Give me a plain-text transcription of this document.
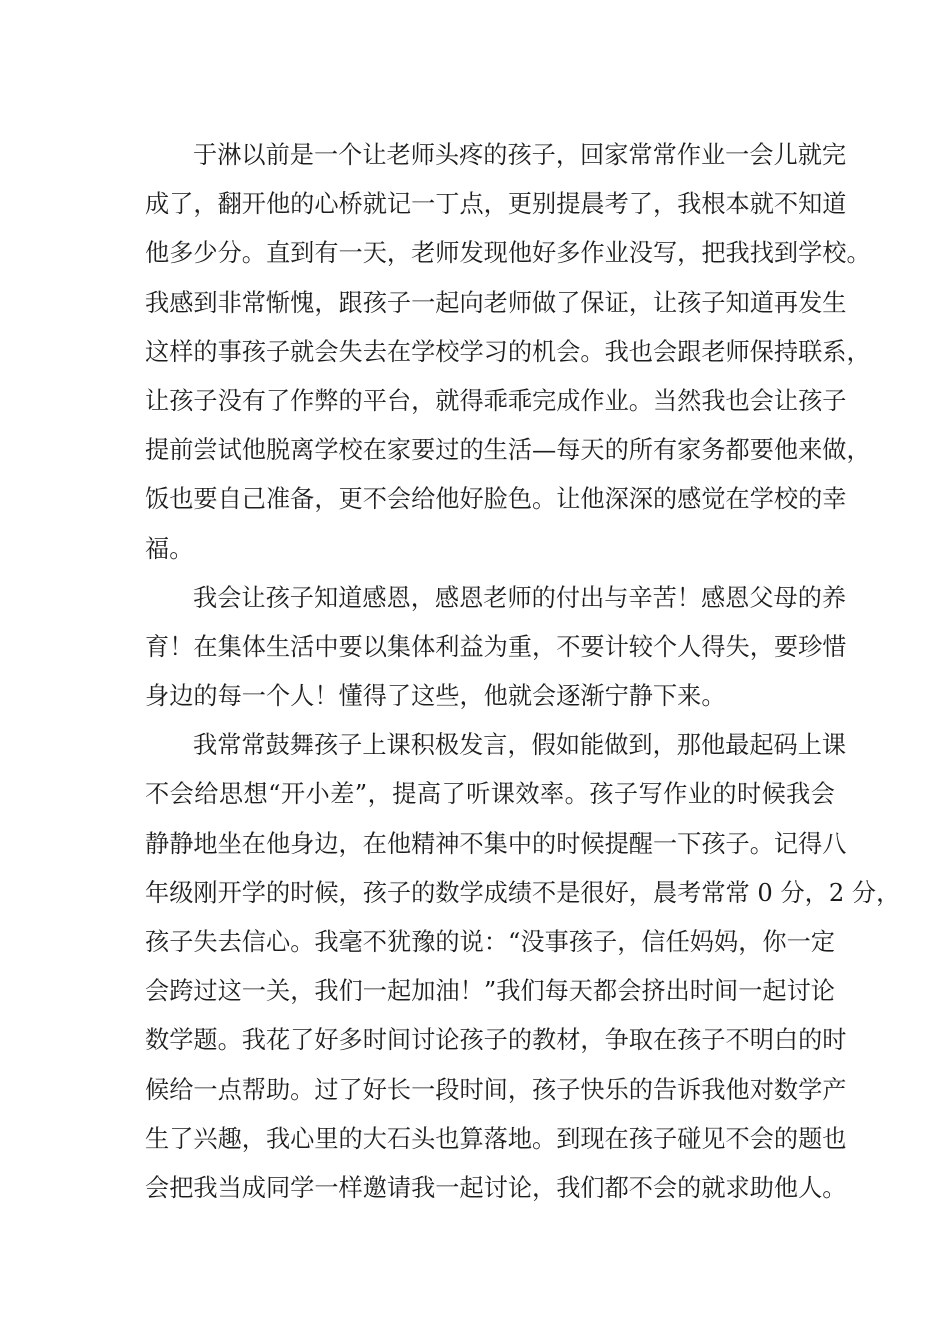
于淋以前是一个让老师头疼的孩子，回家常常作业一会儿就完
成了，翻开他的心桥就记一丁点，更别提晨考了，我根本就不知道
他多少分。直到有一天，老师发现他好多作业没写，把我找到学校。
我感到非常惭愧，跟孩子一起向老师做了保证，让孩子知道再发生
这样的事孩子就会失去在学校学习的机会。我也会跟老师保持联系，
让孩子没有了作弊的平台，就得乖乖完成作业。当然我也会让孩子
提前尝试他脱离学校在家要过的生活—每天的所有家务都要他来做，
饭也要自己准备，更不会给他好脸色。让他深深的感觉在学校的幸
福。
我会让孩子知道感恩，感恩老师的付出与辛苦！感恩父母的养
育！在集体生活中要以集体利益为重，不要计较个人得失，要珍惜
身边的每一个人！懂得了这些，他就会逐渐宁静下来。
我常常鼓舞孩子上课积极发言，假如能做到，那他最起码上课
不会给思想“开小差”，提高了听课效率。孩子写作业的时候我会
静静地坐在他身边，在他精神不集中的时候提醒一下孩子。记得八
年级刚开学的时候，孩子的数学成绩不是很好，晨考常常 0 分，2 分，
孩子失去信心。我毫不犹豫的说：“没事孩子，信任妈妈，你一定
会跨过这一关，我们一起加油！”我们每天都会挤出时间一起讨论
数学题。我花了好多时间讨论孩子的教材，争取在孩子不明白的时
候给一点帮助。过了好长一段时间，孩子快乐的告诉我他对数学产
生了兴趣，我心里的大石头也算落地。到现在孩子碰见不会的题也
会把我当成同学一样邀请我一起讨论，我们都不会的就求助他人。
